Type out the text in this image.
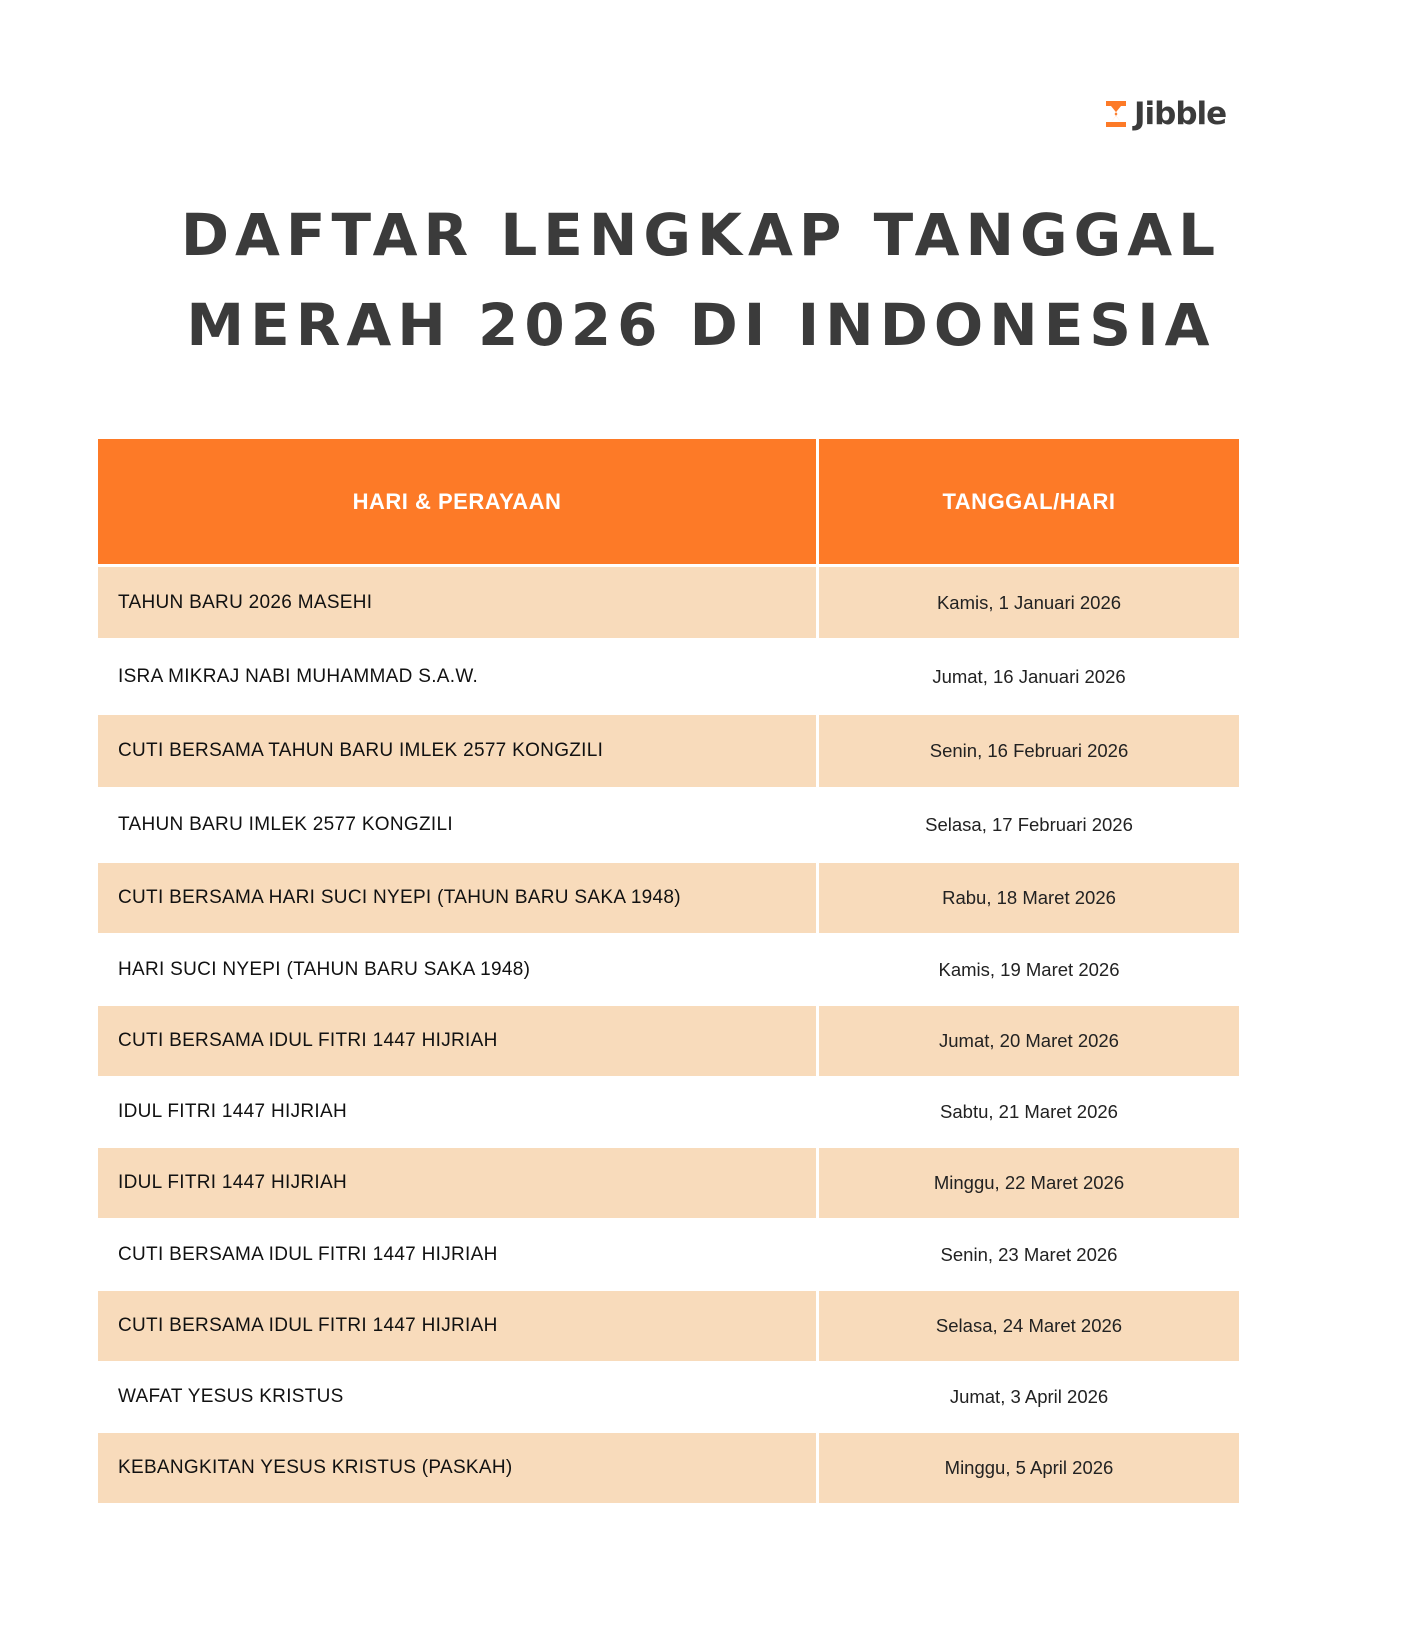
Jibble
DAFTAR LENGKAP TANGGAL
MERAH 2026 DI INDONESIA
HARI & PERAYAAN	TANGGAL/HARI
TAHUN BARU 2026 MASEHI	Kamis, 1 Januari 2026
ISRA MIKRAJ NABI MUHAMMAD S.A.W.	Jumat, 16 Januari 2026
CUTI BERSAMA TAHUN BARU IMLEK 2577 KONGZILI	Senin, 16 Februari 2026
TAHUN BARU IMLEK 2577 KONGZILI	Selasa, 17 Februari 2026
CUTI BERSAMA HARI SUCI NYEPI (TAHUN BARU SAKA 1948)	Rabu, 18 Maret 2026
HARI SUCI NYEPI (TAHUN BARU SAKA 1948)	Kamis, 19 Maret 2026
CUTI BERSAMA IDUL FITRI 1447 HIJRIAH	Jumat, 20 Maret 2026
IDUL FITRI 1447 HIJRIAH	Sabtu, 21 Maret 2026
IDUL FITRI 1447 HIJRIAH	Minggu, 22 Maret 2026
CUTI BERSAMA IDUL FITRI 1447 HIJRIAH	Senin, 23 Maret 2026
CUTI BERSAMA IDUL FITRI 1447 HIJRIAH	Selasa, 24 Maret 2026
WAFAT YESUS KRISTUS	Jumat, 3 April 2026
KEBANGKITAN YESUS KRISTUS (PASKAH)	Minggu, 5 April 2026
